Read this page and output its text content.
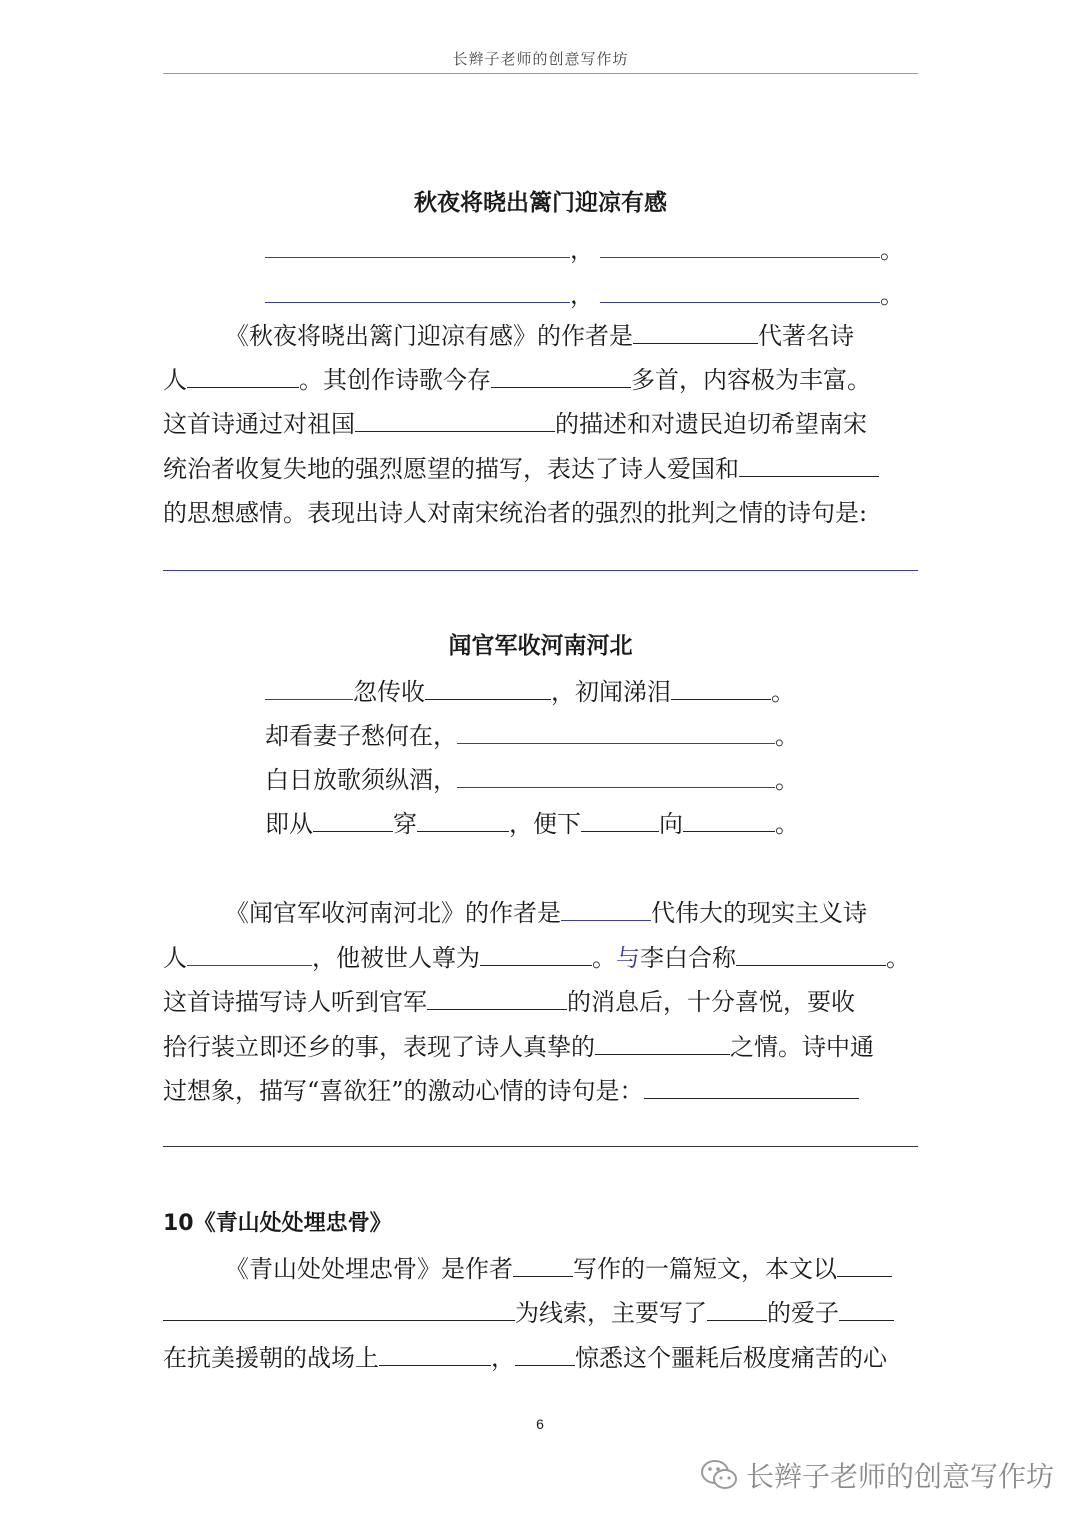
长辫子老师的创意写作坊
秋夜将晓出篱门迎凉有感
，	。
，	。
《秋夜将晓出篱门迎凉有感》的作者是	代著名诗
人	。其创作诗歌今存	多首，内容极为丰富。
这首诗通过对祖国	的描述和对遗民迫切希望南宋
统治者收复失地的强烈愿望的描写，表达了诗人爱国和
的思想感情。表现出诗人对南宋统治者的强烈的批判之情的诗句是:
闻官军收河南河北
忽传收	，初闻涕泪	。
却看妻子愁何在，	。
白日放歌须纵酒，	。
即从	穿	，便下	向	。
《闻官军收河南河北》的作者是	代伟大的现实主义诗
人	，他被世人尊为	。与李白合称	。
这首诗描写诗人听到官军	的消息后，十分喜悦，要收
拾行装立即还乡的事，表现了诗人真挚的	之情。诗中通
过想象，描写“喜欲狂”的激动心情的诗句是：
10《青山处处埋忠骨》
《青山处处埋忠骨》是作者	写作的一篇短文，本文以
为线索，主要写了	的爱子
在抗美援朝的战场上	，	惊悉这个噩耗后极度痛苦的心
6
长辫子老师的创意写作坊
